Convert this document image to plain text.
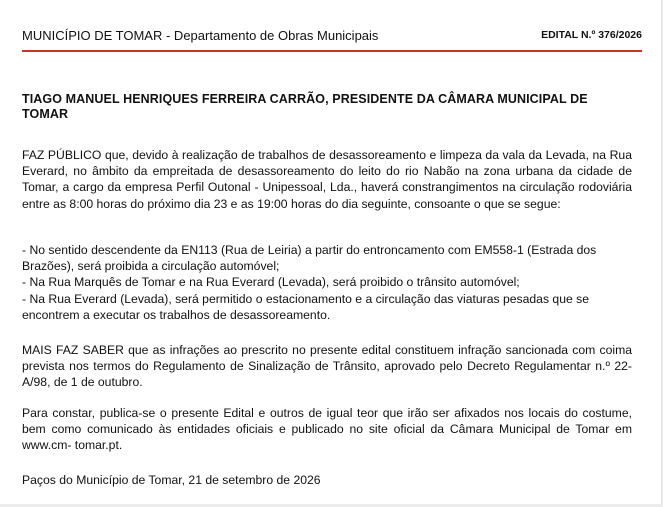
MUNICÍPIO DE TOMAR - Departamento de Obras Municipais	EDITAL N.º 376/2026
TIAGO MANUEL HENRIQUES FERREIRA CARRÃO, PRESIDENTE DA CÂMARA MUNICIPAL DE TOMAR

FAZ PÚBLICO que, devido à realização de trabalhos de desassoreamento e limpeza da vala da Levada, na Rua Everard, no âmbito da empreitada de desassoreamento do leito do rio Nabão na zona urbana da cidade de Tomar, a cargo da empresa Perfil Outonal - Unipessoal, Lda., haverá constrangimentos na circulação rodoviária entre as 8:00 horas do próximo dia 23 e as 19:00 horas do dia seguinte, consoante o que se segue:

- No sentido descendente da EN113 (Rua de Leiria) a partir do entroncamento com EM558-1 (Estrada dos Brazões), será proibida a circulação automóvel;
- Na Rua Marquês de Tomar e na Rua Everard (Levada), será proibido o trânsito automóvel;
- Na Rua Everard (Levada), será permitido o estacionamento e a circulação das viaturas pesadas que se encontrem a executar os trabalhos de desassoreamento.

MAIS FAZ SABER que as infrações ao prescrito no presente edital constituem infração sancionada com coima prevista nos termos do Regulamento de Sinalização de Trânsito, aprovado pelo Decreto Regulamentar n.º 22- A/98, de 1 de outubro.

Para constar, publica-se o presente Edital e outros de igual teor que irão ser afixados nos locais do costume, bem como comunicado às entidades oficiais e publicado no site oficial da Câmara Municipal de Tomar em www.cm- tomar.pt.

Paços do Município de Tomar, 21 de setembro de 2026
